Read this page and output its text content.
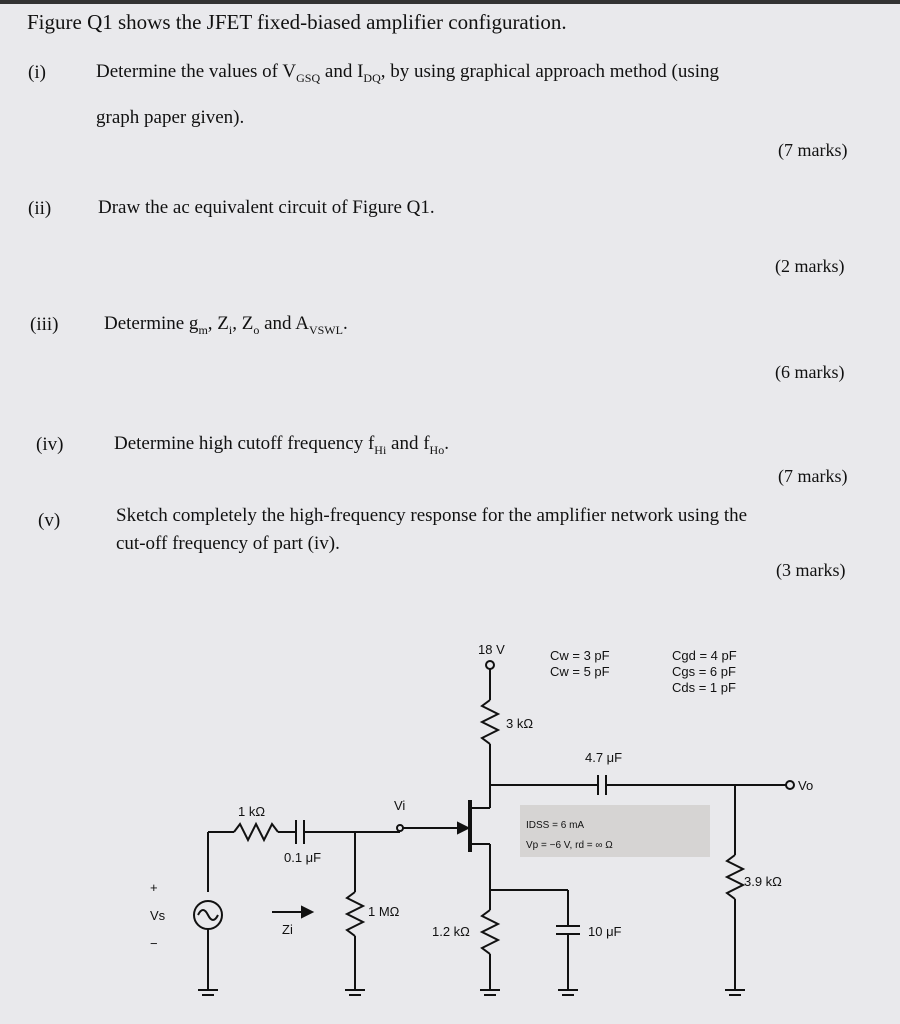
Figure Q1 shows the JFET fixed-biased amplifier configuration.
(i)	Determine the values of $V_{GSQ}$ and $I_{DQ}$, by using graphical approach method (using
graph paper given).
(7 marks)
(ii) Draw the ac equivalent circuit of Figure Q1.
(2 marks)
(iii) Determine $g_m$, $Z_i$, $Z_o$ and $A_{VSWL}$.
(6 marks)
(iv)	Determine high cutoff frequency $f_{Hi}$ and $f_{Ho}$.
(7 marks)
(v)	Sketch completely the high-frequency response for the amplifier network using the
cut-off frequency of part (iv).
(3 marks)
18 V	Cw = 3 pF
Cw = 5 pF
Cgd = 4 pF
Cgs = 6 pF
Cds = 1 pF
3 kΩ
4.7 μF
Vo
Vi
1 kΩ
0.1 μF
IDSS = 6 mA
Vp = −6 V, rd = ∞ Ω
3.9 kΩ
Vs
+
−
Zi
1 MΩ
1.2 kΩ	10 μF
